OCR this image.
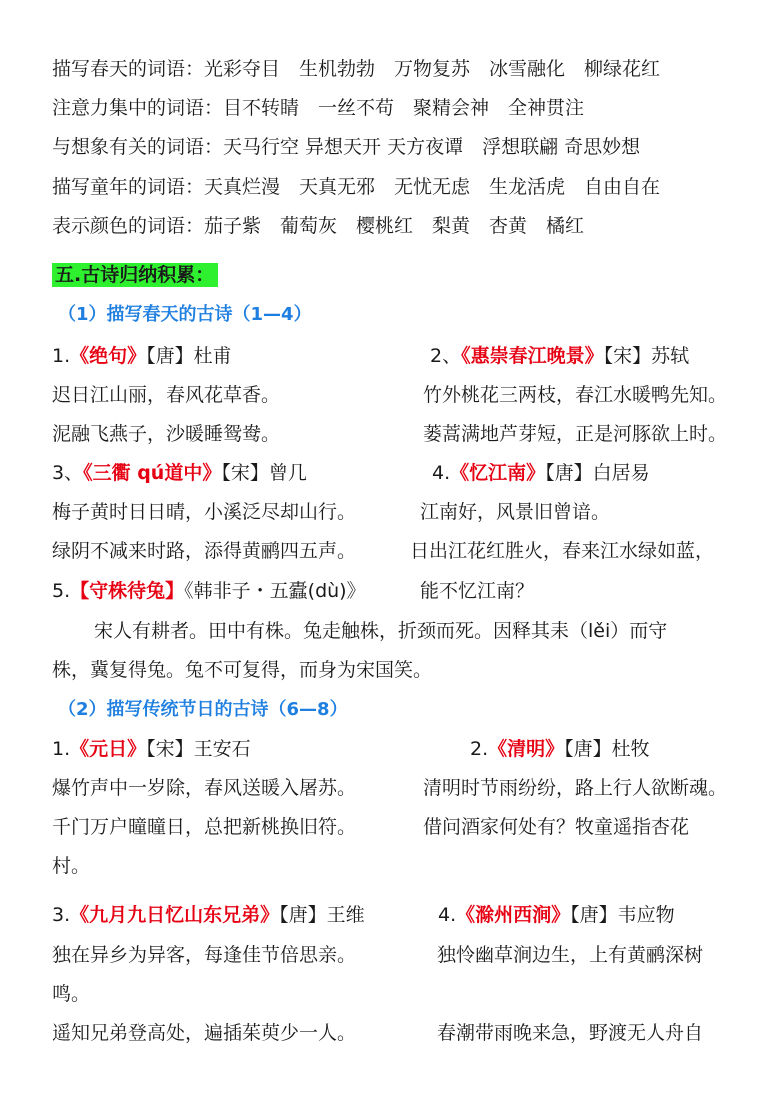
描写春天的词语：光彩夺目　生机勃勃　万物复苏　冰雪融化　柳绿花红
注意力集中的词语：目不转睛　一丝不苟　聚精会神　全神贯注
与想象有关的词语：天马行空 异想天开 天方夜谭　浮想联翩 奇思妙想
描写童年的词语：天真烂漫　天真无邪　无忧无虑　生龙活虎　自由自在
表示颜色的词语：茄子紫　葡萄灰　樱桃红　梨黄　杏黄　橘红
五.古诗归纳积累：
（1）描写春天的古诗（1—4）
1.《绝句》【唐】杜甫
迟日江山丽，春风花草香。
泥融飞燕子，沙暖睡鸳鸯。
2、《惠崇春江晚景》【宋】苏轼
竹外桃花三两枝，春江水暖鸭先知。
蒌蒿满地芦芽短，正是河豚欲上时。
3、《三衢 qú道中》【宋】曾几
梅子黄时日日晴，小溪泛尽却山行。
绿阴不减来时路，添得黄鹂四五声。
4.《忆江南》【唐】白居易
江南好，风景旧曾谙。
日出江花红胜火，春来江水绿如蓝，
能不忆江南？
5.【守株待兔】《韩非子・五蠹(dù)》
宋人有耕者。田中有株。兔走触株，折颈而死。因释其耒（lěi）而守
株，冀复得兔。兔不可复得，而身为宋国笑。
（2）描写传统节日的古诗（6—8）
1.《元日》【宋】王安石
爆竹声中一岁除，春风送暖入屠苏。
千门万户曈曈日，总把新桃换旧符。
2.《清明》【唐】杜牧
清明时节雨纷纷，路上行人欲断魂。
借问酒家何处有？牧童遥指杏花
村。
3.《九月九日忆山东兄弟》【唐】王维
独在异乡为异客，每逢佳节倍思亲。
遥知兄弟登高处，遍插茱萸少一人。
4.《滁州西涧》【唐】韦应物
独怜幽草涧边生，上有黄鹂深树
鸣。
春潮带雨晚来急，野渡无人舟自
